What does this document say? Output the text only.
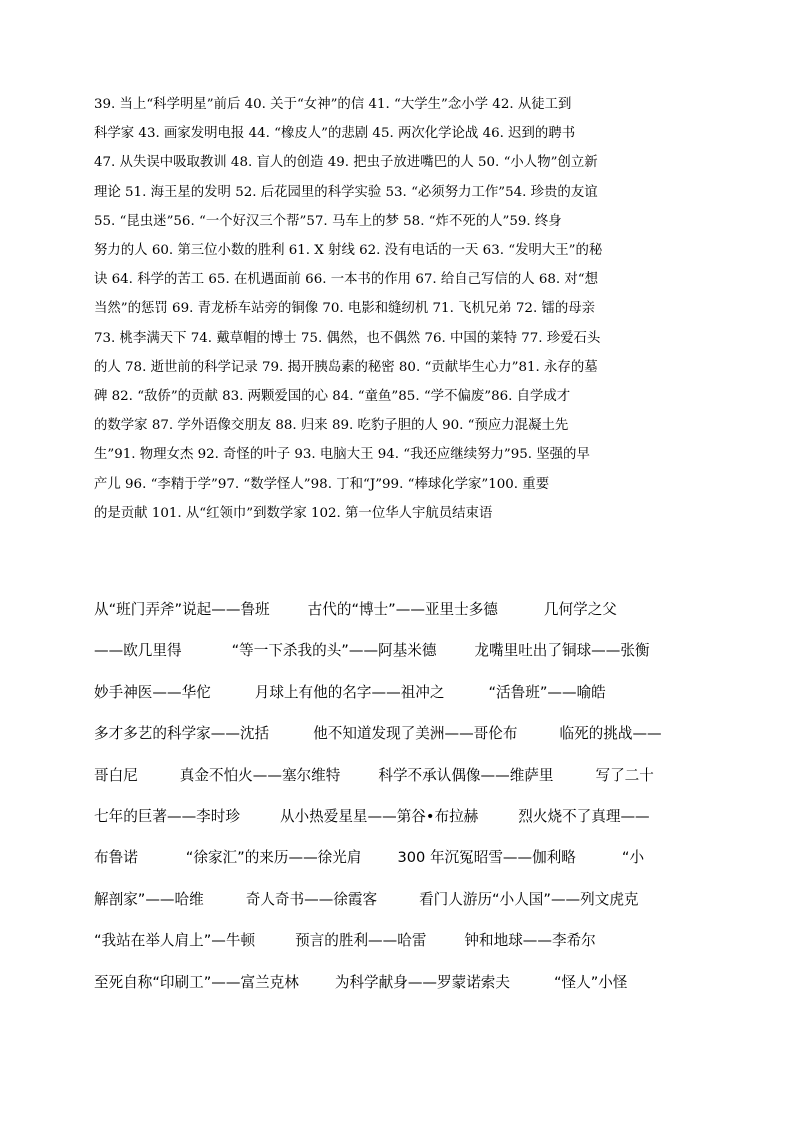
39. 当上“科学明星”前后 40. 关于“女神”的信 41. “大学生”念小学 42. 从徒工到
科学家 43. 画家发明电报 44. “橡皮人”的悲剧 45. 两次化学论战 46. 迟到的聘书
47. 从失误中吸取教训 48. 盲人的创造 49. 把虫子放进嘴巴的人 50. “小人物”创立新
理论 51. 海王星的发明 52. 后花园里的科学实验 53. “必须努力工作”54. 珍贵的友谊
55. “昆虫迷”56. “一个好汉三个帮”57. 马车上的梦 58. “炸不死的人”59. 终身
努力的人 60. 第三位小数的胜利 61. X 射线 62. 没有电话的一天 63. “发明大王”的秘
诀 64. 科学的苦工 65. 在机遇面前 66. 一本书的作用 67. 给自己写信的人 68. 对“想
当然”的惩罚 69. 青龙桥车站旁的铜像 70. 电影和缝纫机 71. 飞机兄弟 72. 镭的母亲
73. 桃李满天下 74. 戴草帽的博士 75. 偶然，也不偶然 76. 中国的莱特 77. 珍爱石头
的人 78. 逝世前的科学记录 79. 揭开胰岛素的秘密 80. “贡献毕生心力”81. 永存的墓
碑 82. “敌侨”的贡献 83. 两颗爱国的心 84. “童鱼”85. “学不偏废”86. 自学成才
的数学家 87. 学外语像交朋友 88. 归来 89. 吃豹子胆的人 90. “预应力混凝土先
生”91. 物理女杰 92. 奇怪的叶子 93. 电脑大王 94. “我还应继续努力”95. 坚强的早
产儿 96. “李精于学”97. “数学怪人”98. 丁和“J”99. “棒球化学家”100. 重要
的是贡献 101. 从“红领巾”到数学家 102. 第一位华人宇航员结束语
从“班门弄斧”说起——鲁班	古代的“博士”——亚里士多德	几何学之父
——欧几里得	“等一下杀我的头”——阿基米德	龙嘴里吐出了铜球——张衡
妙手神医——华佗	月球上有他的名字——祖冲之	“活鲁班”——喻皓
多才多艺的科学家——沈括	他不知道发现了美洲——哥伦布	临死的挑战——
哥白尼	真金不怕火——塞尔维特	科学不承认偶像——维萨里	写了二十
七年的巨著——李时珍	从小热爱星星——第谷•布拉赫	烈火烧不了真理——
布鲁诺	“徐家汇”的来历——徐光肩 300 年沉冤昭雪——伽利略	“小
解剖家”——哈维	奇人奇书——徐霞客	看门人游历“小人国”——列文虎克
“我站在举人肩上”—牛顿	预言的胜利——哈雷	钟和地球——李希尔
至死自称“印刷工”——富兰克林 为科学献身——罗蒙诺索夫	“怪人”小怪
